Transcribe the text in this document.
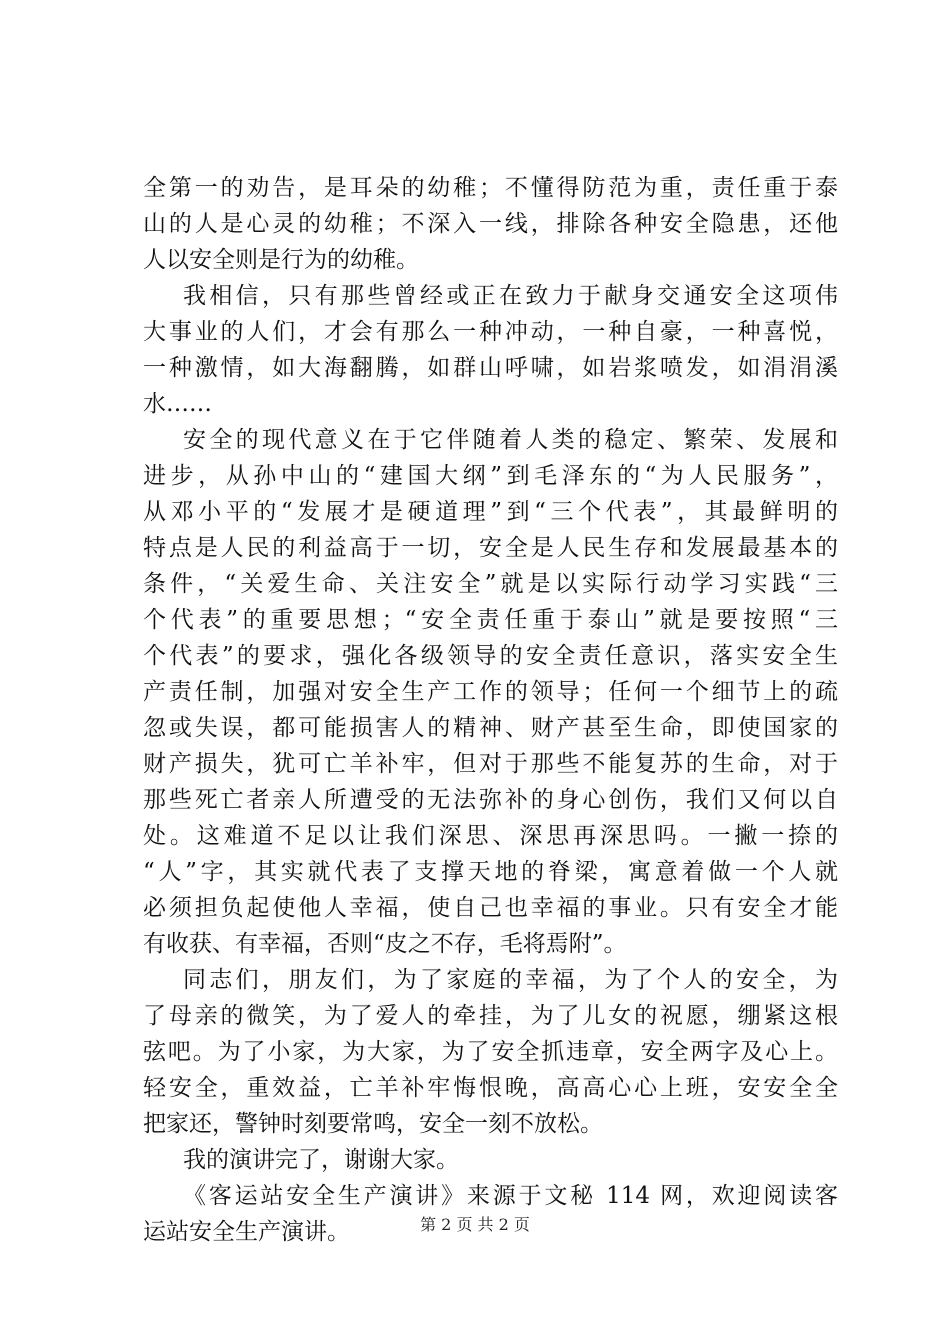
全第一的劝告，是耳朵的幼稚；不懂得防范为重，责任重于泰
山的人是心灵的幼稚；不深入一线，排除各种安全隐患，还他
人以安全则是行为的幼稚。
我相信，只有那些曾经或正在致力于献身交通安全这项伟
大事业的人们，才会有那么一种冲动，一种自豪，一种喜悦，
一种激情，如大海翻腾，如群山呼啸，如岩浆喷发，如涓涓溪
水……
安全的现代意义在于它伴随着人类的稳定、繁荣、发展和
进步，从孙中山的“建国大纲”到毛泽东的“为人民服务”，
从邓小平的“发展才是硬道理”到“三个代表”，其最鲜明的
特点是人民的利益高于一切，安全是人民生存和发展最基本的
条件，“关爱生命、关注安全”就是以实际行动学习实践“三
个代表”的重要思想；“安全责任重于泰山”就是要按照“三
个代表”的要求，强化各级领导的安全责任意识，落实安全生
产责任制，加强对安全生产工作的领导；任何一个细节上的疏
忽或失误，都可能损害人的精神、财产甚至生命，即使国家的
财产损失，犹可亡羊补牢，但对于那些不能复苏的生命，对于
那些死亡者亲人所遭受的无法弥补的身心创伤，我们又何以自
处。这难道不足以让我们深思、深思再深思吗。一撇一捺的
“人”字，其实就代表了支撑天地的脊梁，寓意着做一个人就
必须担负起使他人幸福，使自己也幸福的事业。只有安全才能
有收获、有幸福，否则“皮之不存，毛将焉附”。
同志们，朋友们，为了家庭的幸福，为了个人的安全，为
了母亲的微笑，为了爱人的牵挂，为了儿女的祝愿，绷紧这根
弦吧。为了小家，为大家，为了安全抓违章，安全两字及心上。
轻安全，重效益，亡羊补牢悔恨晚，高高心心上班，安安全全
把家还，警钟时刻要常鸣，安全一刻不放松。
我的演讲完了，谢谢大家。
《客运站安全生产演讲》来源于文秘 114 网，欢迎阅读客
运站安全生产演讲。	第 2 页 共 2 页
